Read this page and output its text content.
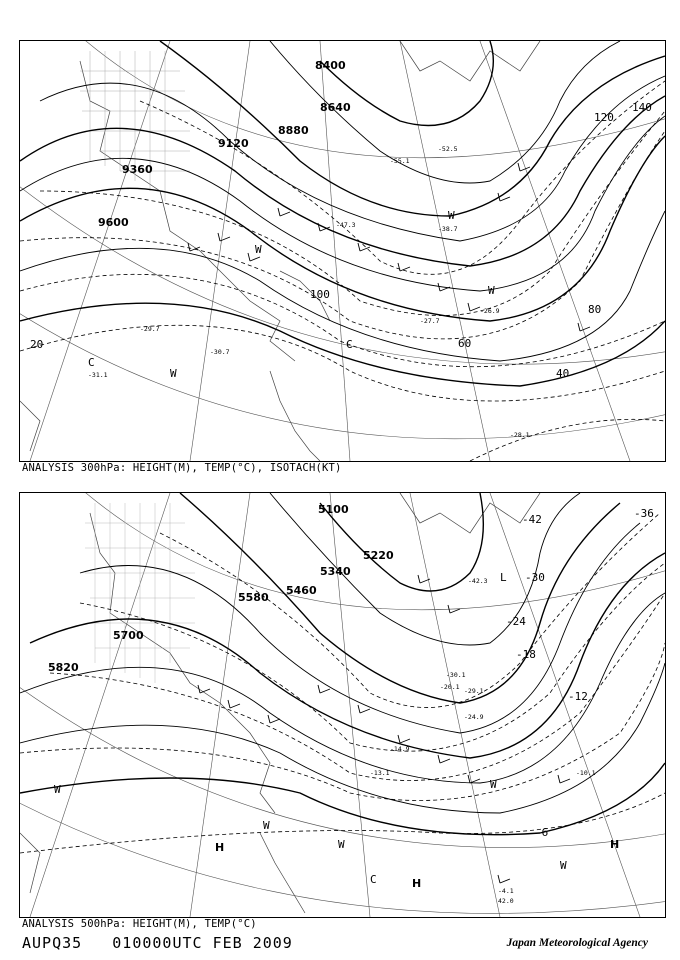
8400
8640
8880
9120
9360
9600
20
40
60
80
100
120
140
W
C
W
C
W
W
-29.7
-31.1
-28.1
-30.7
-27.7
-26.9
-38.7
-47.3
-52.5
-55.1
ANALYSIS 300hPa: HEIGHT(M), TEMP(°C), ISOTACH(KT)
5100
5220
5340
5460
5580
5700
5820
-42	-36
-30
-24
-18
-12
-6
W
H
W
W
C	H
W
H
L
W
-4.1
42.0
-10.1
-13.1
-14.9
-29.1
-30.1
-24.9
-20.1
-42.3
ANALYSIS 500hPa: HEIGHT(M), TEMP(°C)
AUPQ35 010000UTC FEB 2009	Japan Meteorological Agency
